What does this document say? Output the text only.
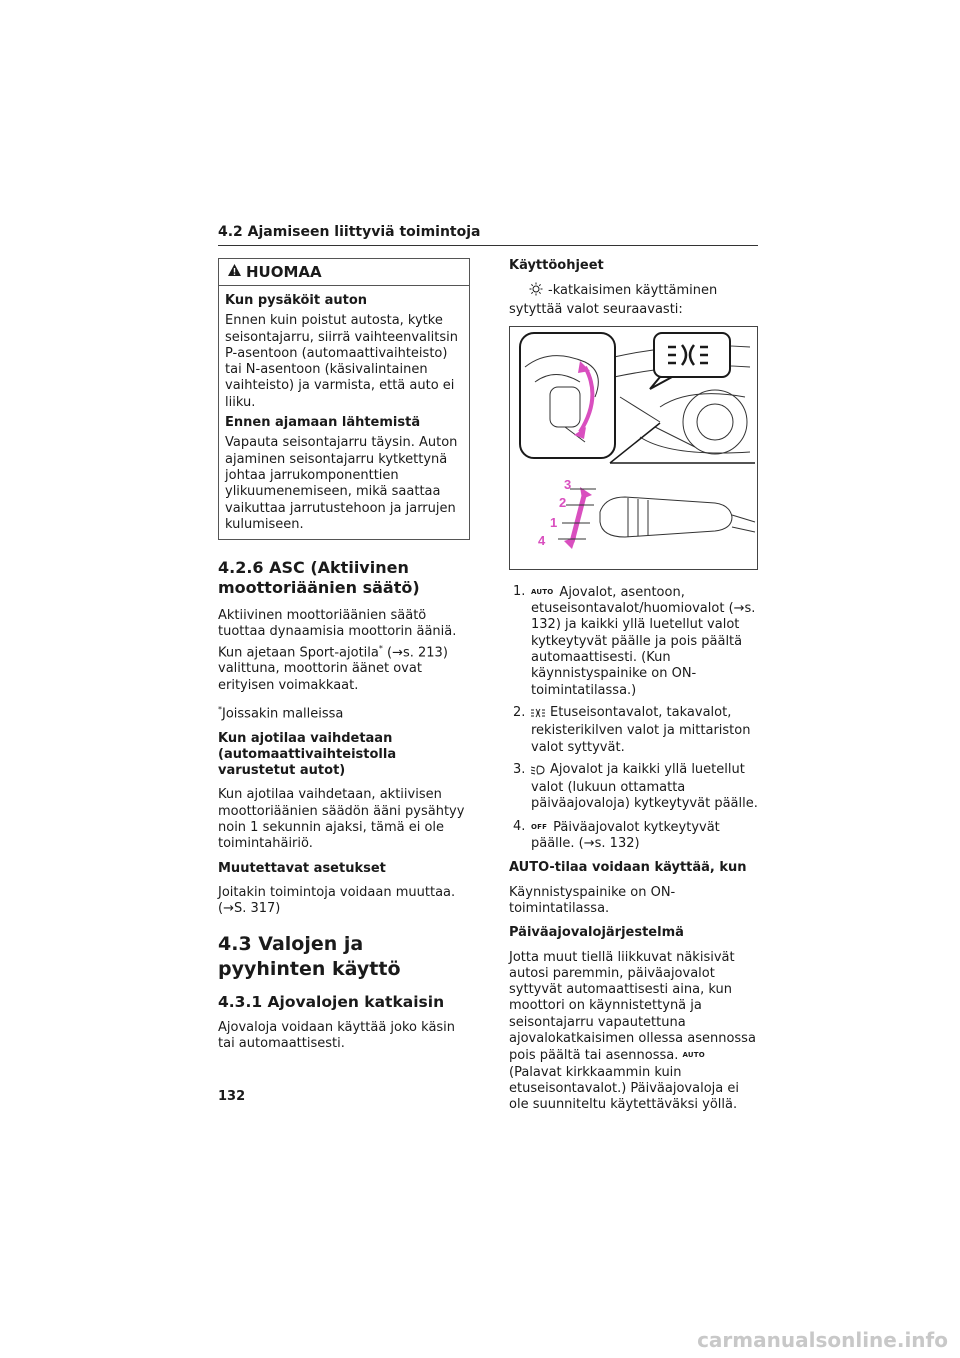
4.2 Ajamiseen liittyviä toimintoja
HUOMAA

Kun pysäköit auton

Ennen kuin poistut autosta, kytke seisontajarru, siirrä vaihteenvalitsin P-asentoon (automaattivaihteisto) tai N-asentoon (käsivalintainen vaihteisto) ja varmista, että auto ei liiku.

Ennen ajamaan lähtemistä

Vapauta seisontajarru täysin. Auton ajaminen seisontajarru kytkettynä johtaa jarrukomponenttien ylikuumenemiseen, mikä saattaa vaikuttaa jarrutustehoon ja jarrujen kulumiseen.

4.2.6 ASC (Aktiivinen moottoriäänien säätö)

Aktiivinen moottoriäänien säätö tuottaa dynaamisia moottorin ääniä. Kun ajetaan Sport-ajotila* (→s. 213) valittuna, moottorin äänet ovat erityisen voimakkaat.

*Joissakin malleissa

Kun ajotilaa vaihdetaan (automaattivaihteistolla varustetut autot)

Kun ajotilaa vaihdetaan, aktiivisen moottoriäänien säädön ääni pysähtyy noin 1 sekunnin ajaksi, tämä ei ole toimintahäiriö.

Muutettavat asetukset

Joitakin toimintoja voidaan muuttaa. (→S. 317)

4.3 Valojen ja pyyhinten käyttö
4.3.1 Ajovalojen katkaisin

Ajovaloja voidaan käyttää joko käsin tai automaattisesti.

Käyttöohjeet

-katkaisimen käyttäminen sytyttää valot seuraavasti:

3
2
1
4
1. AUTO Ajovalot, asentoon, etuseisontavalot/huomiovalot (→s. 132) ja kaikki yllä luetellut valot kytkeytyvät päälle ja pois päältä automaattisesti. (Kun käynnistyspainike on ON-toimintatilassa.)
2.	Etuseisontavalot, takavalot, rekisterikilven valot ja mittariston valot syttyvät.
3.	Ajovalot ja kaikki yllä luetellut valot (lukuun ottamatta päiväajovaloja) kytkeytyvät päälle.
4. OFF Päiväajovalot kytkeytyvät päälle. (→s. 132)

AUTO-tilaa voidaan käyttää, kun

Käynnistyspainike on ON-toimintatilassa.

Päiväajovalojärjestelmä

Jotta muut tiellä liikkuvat näkisivät autosi paremmin, päiväajovalot syttyvät automaattisesti aina, kun moottori on käynnistettynä ja seisontajarru vapautettuna ajovalokatkaisimen ollessa asennossa pois päältä tai asennossa. AUTO (Palavat kirkkaammin kuin etuseisontavalot.) Päiväajovaloja ei ole suunniteltu käytettäväksi yöllä.

132
carmanualsonline.info
